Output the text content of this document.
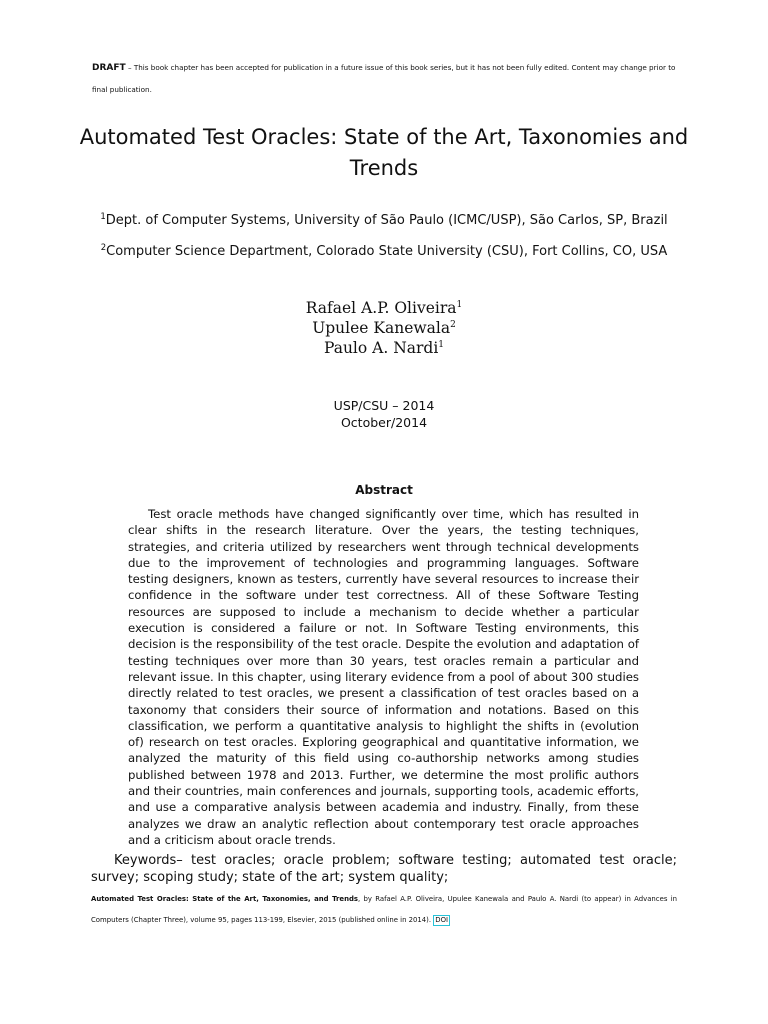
DRAFT – This book chapter has been accepted for publication in a future issue of this book series, but it has not been fully edited. Content may change prior to final publication.
Automated Test Oracles: State of the Art, Taxonomies and Trends
$^1$Dept. of Computer Systems, University of São Paulo (ICMC/USP), São Carlos, SP, Brazil
$^2$Computer Science Department, Colorado State University (CSU), Fort Collins, CO, USA
Rafael A.P. Oliveira$^1$
Upulee Kanewala$^2$
Paulo A. Nardi$^1$
USP/CSU – 2014
October/2014
Abstract
Test oracle methods have changed significantly over time, which has resulted in clear shifts in the research literature. Over the years, the testing techniques, strategies, and criteria utilized by researchers went through technical developments due to the improvement of technologies and programming languages. Software testing designers, known as testers, currently have several resources to increase their confidence in the software under test correctness. All of these Software Testing resources are supposed to include a mechanism to decide whether a particular execution is considered a failure or not. In Software Testing environments, this decision is the responsibility of the test oracle. Despite the evolution and adaptation of testing techniques over more than 30 years, test oracles remain a particular and relevant issue. In this chapter, using literary evidence from a pool of about 300 studies directly related to test oracles, we present a classification of test oracles based on a taxonomy that considers their source of information and notations. Based on this classification, we perform a quantitative analysis to highlight the shifts in (evolution of) research on test oracles. Exploring geographical and quantitative information, we analyzed the maturity of this field using co-authorship networks among studies published between 1978 and 2013. Further, we determine the most prolific authors and their countries, main conferences and journals, supporting tools, academic efforts, and use a comparative analysis between academia and industry. Finally, from these analyzes we draw an analytic reflection about contemporary test oracle approaches and a criticism about oracle trends.
Keywords– test oracles; oracle problem; software testing; automated test oracle; survey; scoping study; state of the art; system quality;
Automated Test Oracles: State of the Art, Taxonomies, and Trends, by Rafael A.P. Oliveira, Upulee Kanewala and Paulo A. Nardi (to appear) in Advances in Computers (Chapter Three), volume 95, pages 113-199, Elsevier, 2015 (published online in 2014). DOI
